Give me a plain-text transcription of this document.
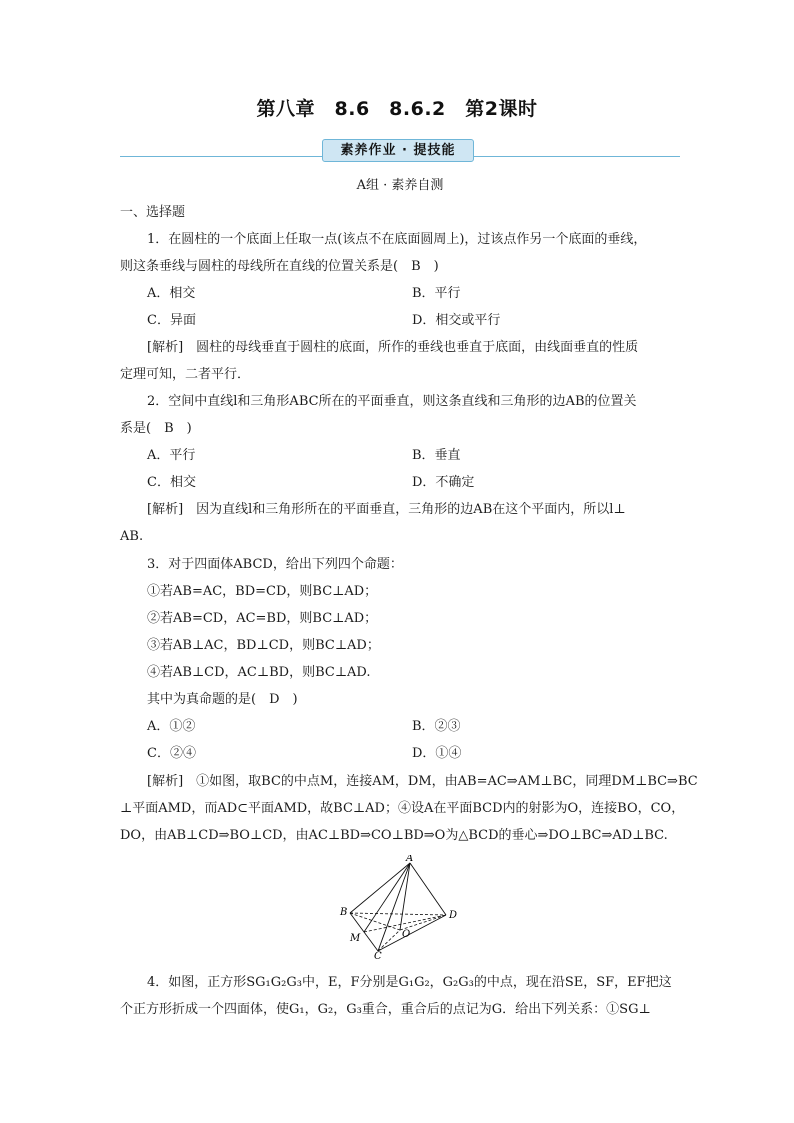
第八章　8.6　8.6.2　第2课时
素养作业 · 提技能
A组 · 素养自测
一、选择题
1．在圆柱的一个底面上任取一点(该点不在底面圆周上)，过该点作另一个底面的垂线，
则这条垂线与圆柱的母线所在直线的位置关系是(　B　)
A．相交	B．平行
C．异面	D．相交或平行
[解析]　圆柱的母线垂直于圆柱的底面，所作的垂线也垂直于底面，由线面垂直的性质
定理可知，二者平行．
2．空间中直线l和三角形ABC所在的平面垂直，则这条直线和三角形的边AB的位置关
系是(　B　)
A．平行	B．垂直
C．相交	D．不确定
[解析]　因为直线l和三角形所在的平面垂直，三角形的边AB在这个平面内，所以l⊥
AB.
3．对于四面体ABCD，给出下列四个命题：
①若AB=AC，BD=CD，则BC⊥AD；
②若AB=CD，AC=BD，则BC⊥AD；
③若AB⊥AC，BD⊥CD，则BC⊥AD；
④若AB⊥CD，AC⊥BD，则BC⊥AD.
其中为真命题的是(　D　)
A．①②	B．②③
C．②④	D．①④
[解析]　①如图，取BC的中点M，连接AM，DM，由AB=AC⇒AM⊥BC，同理DM⊥BC⇒BC
⊥平面AMD，而AD⊂平面AMD，故BC⊥AD；④设A在平面BCD内的射影为O，连接BO，CO，
DO，由AB⊥CD⇒BO⊥CD，由AC⊥BD⇒CO⊥BD⇒O为△BCD的垂心⇒DO⊥BC⇒AD⊥BC.
A
B
C
D
M	O
4．如图，正方形SG₁G₂G₃中，E，F分别是G₁G₂，G₂G₃的中点，现在沿SE，SF，EF把这
个正方形折成一个四面体，使G₁，G₂，G₃重合，重合后的点记为G．给出下列关系：①SG⊥
